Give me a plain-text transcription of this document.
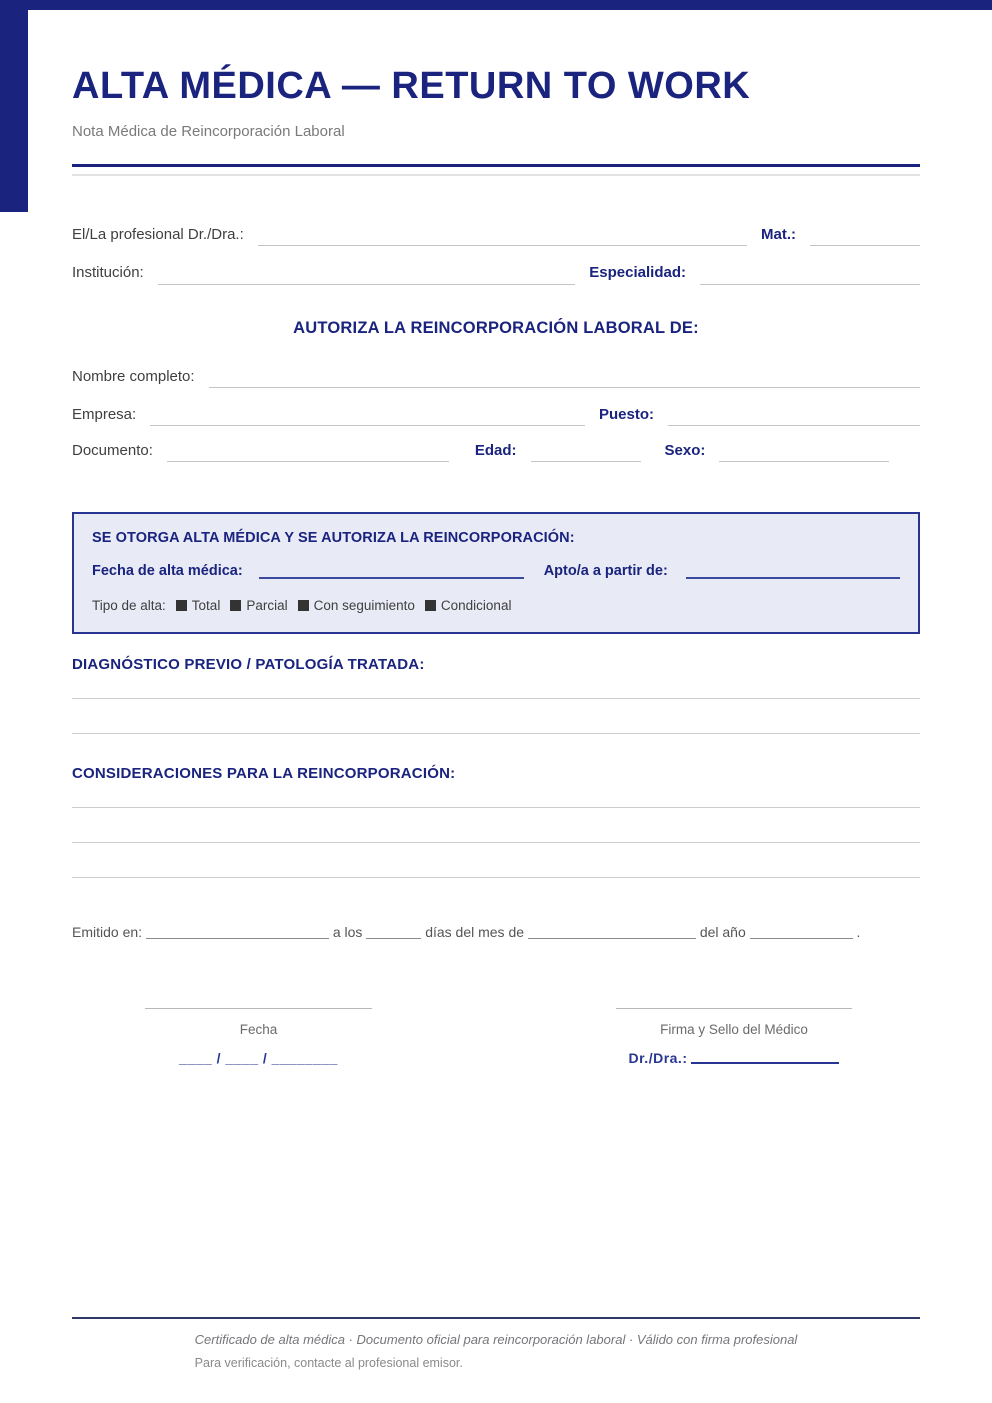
ALTA MÉDICA — RETURN TO WORK
Nota Médica de Reincorporación Laboral
El/La profesional Dr./Dra.:	Mat.:
Institución:	Especialidad:
AUTORIZA LA REINCORPORACIÓN LABORAL DE:
Nombre completo:
Empresa:	Puesto:
Documento:	Edad:	Sexo:
SE OTORGA ALTA MÉDICA Y SE AUTORIZA LA REINCORPORACIÓN:
Fecha de alta médica:	Apto/a a partir de:
Tipo de alta: Total Parcial Con seguimiento Condicional
DIAGNÓSTICO PREVIO / PATOLOGÍA TRATADA:
CONSIDERACIONES PARA LA REINCORPORACIÓN:
Emitido en:	a los	días del mes de	del año	.
Fecha
____ / ____ / ________
Firma y Sello del Médico
Dr./Dra.:
Certificado de alta médica · Documento oficial para reincorporación laboral · Válido con firma profesional
Para verificación, contacte al profesional emisor.
